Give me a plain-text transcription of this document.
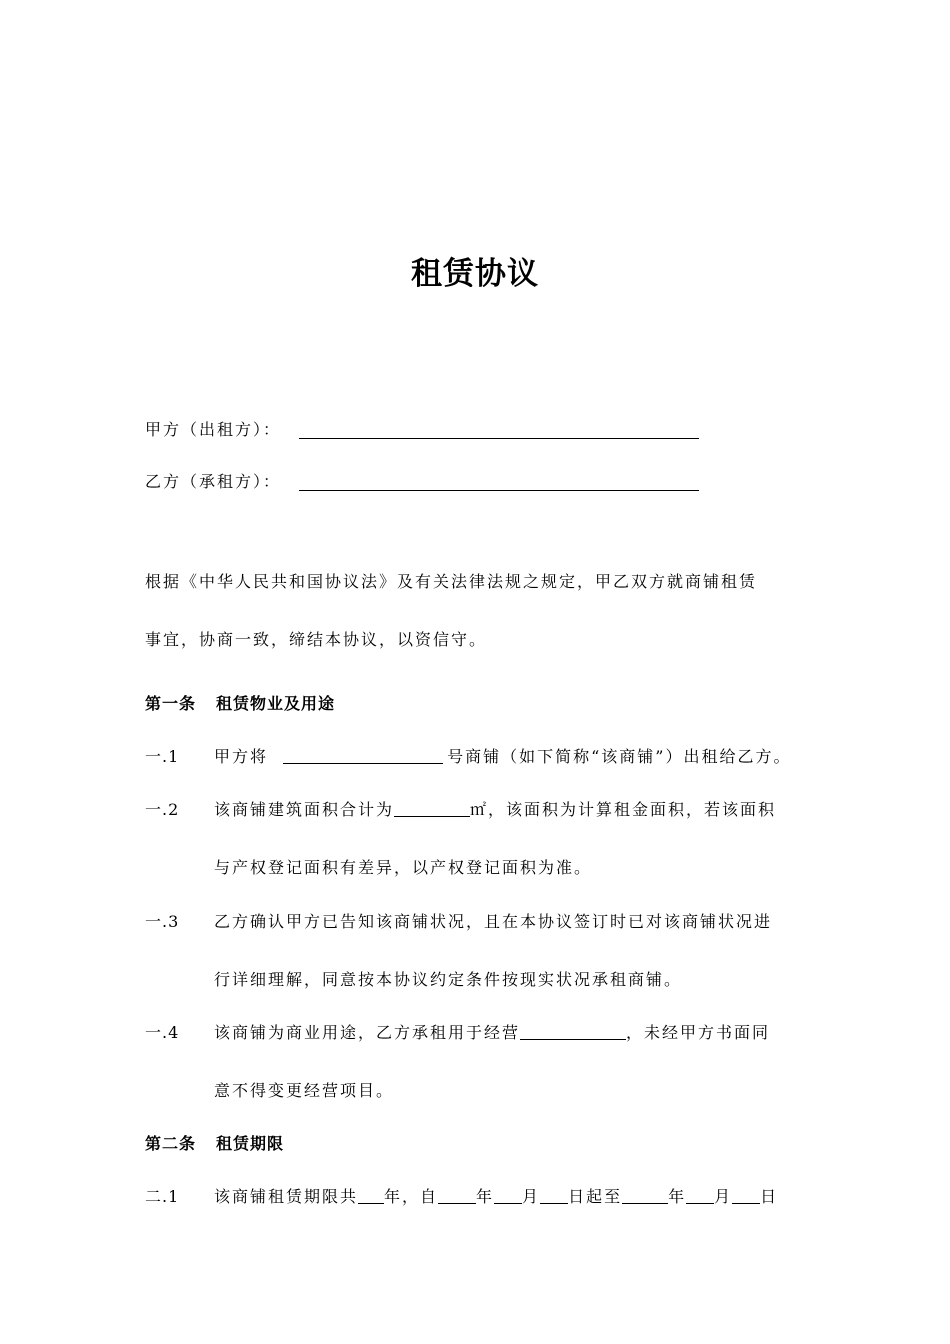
租赁协议
甲方（出租方）：
乙方（承租方）：
根据《中华人民共和国协议法》及有关法律法规之规定，甲乙双方就商铺租赁
事宜，协商一致，缔结本协议，以资信守。
第一条 租赁物业及用途
一.1 甲方将	号商铺（如下简称“该商铺”）出租给乙方。
一.2 该商铺建筑面积合计为	㎡，该面积为计算租金面积，若该面积
与产权登记面积有差异，以产权登记面积为准。
一.3 乙方确认甲方已告知该商铺状况，且在本协议签订时已对该商铺状况进
行详细理解，同意按本协议约定条件按现实状况承租商铺。
一.4 该商铺为商业用途，乙方承租用于经营	，未经甲方书面同
意不得变更经营项目。
第二条 租赁期限
二.1 该商铺租赁期限共 年，自 年 月 日起至	年 月 日
